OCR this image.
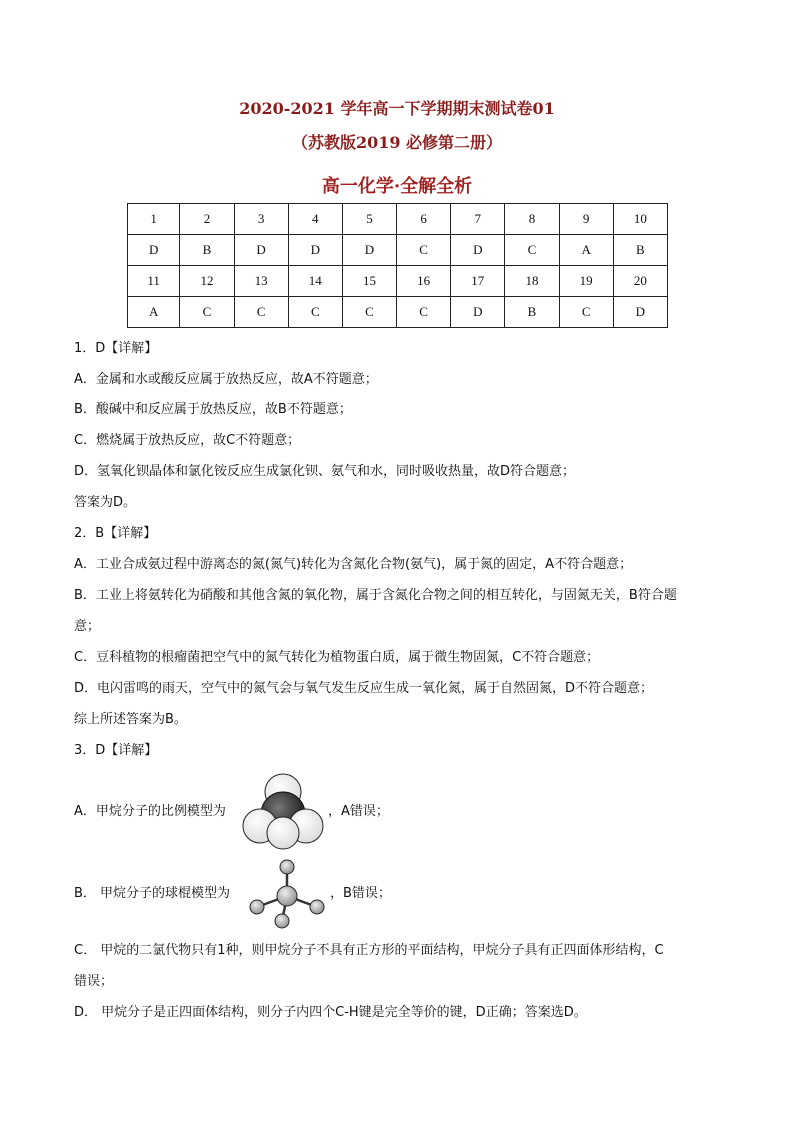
2020-2021 学年高一下学期期末测试卷01
（苏教版2019 必修第二册）
高一化学·全解全析
1	2	3	4	5	6	7	8	9	10
D	B	D	D	D	C	D	C	A	B
11	12	13	14	15	16	17	18	19	20
A	C	C	C	C	C	D	B	C	D
1．D【详解】
A．金属和水或酸反应属于放热反应，故A不符题意；
B．酸碱中和反应属于放热反应，故B不符题意；
C．燃烧属于放热反应，故C不符题意；
D．氢氧化钡晶体和氯化铵反应生成氯化钡、氨气和水，同时吸收热量，故D符合题意；
答案为D。
2．B【详解】
A．工业合成氨过程中游离态的氮(氮气)转化为含氮化合物(氨气)，属于氮的固定，A不符合题意；
B．工业上将氨转化为硝酸和其他含氮的氧化物，属于含氮化合物之间的相互转化，与固氮无关，B符合题
意；
C．豆科植物的根瘤菌把空气中的氮气转化为植物蛋白质，属于微生物固氮，C不符合题意；
D．电闪雷鸣的雨天，空气中的氮气会与氧气发生反应生成一氧化氮，属于自然固氮，D不符合题意；
综上所述答案为B。
3．D【详解】
A．甲烷分子的比例模型为	，A错误；
B． 甲烷分子的球棍模型为	，B错误；
C． 甲烷的二氯代物只有1种，则甲烷分子不具有正方形的平面结构，甲烷分子具有正四面体形结构，C
错误；
D． 甲烷分子是正四面体结构，则分子内四个C-H键是完全等价的键，D正确；答案选D。
